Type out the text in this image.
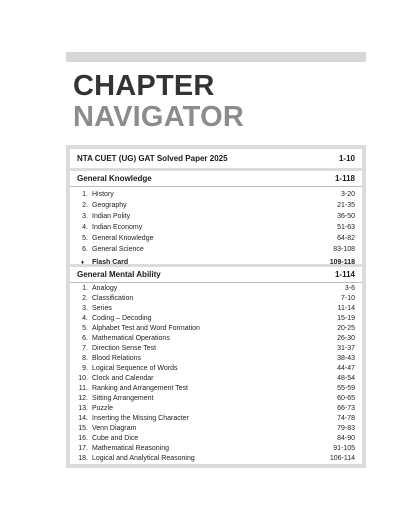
CHAPTER
NAVIGATOR
NTA CUET (UG) GAT Solved Paper 2025	1-10
General Knowledge	1-118
1. History	3-20
2. Geography	21-35
3. Indian Polity	36-50
4. Indian Economy	51-63
5. General Knowledge	64-82
6. General Science	83-108
♦	Flash Card	109-118
General Mental Ability	1-114
1. Analogy	3-6
2. Classification	7-10
3. Series	11-14
4. Coding – Decoding	15-19
5. Alphabet Test and Word Formation	20-25
6. Mathematical Operations	26-30
7. Direction Sense Test	31-37
8. Blood Relations	38-43
9. Logical Sequence of Words	44-47
10. Clock and Calendar	48-54
11. Ranking and Arrangement Test	55-59
12. Sitting Arrangement	60-65
13. Puzzle	66-73
14. Inserting the Missing Character	74-78
15. Venn Diagram	79-83
16. Cube and Dice	84-90
17. Mathematical Reasoning	91-105
18. Logical and Analytical Reasoning	106-114
